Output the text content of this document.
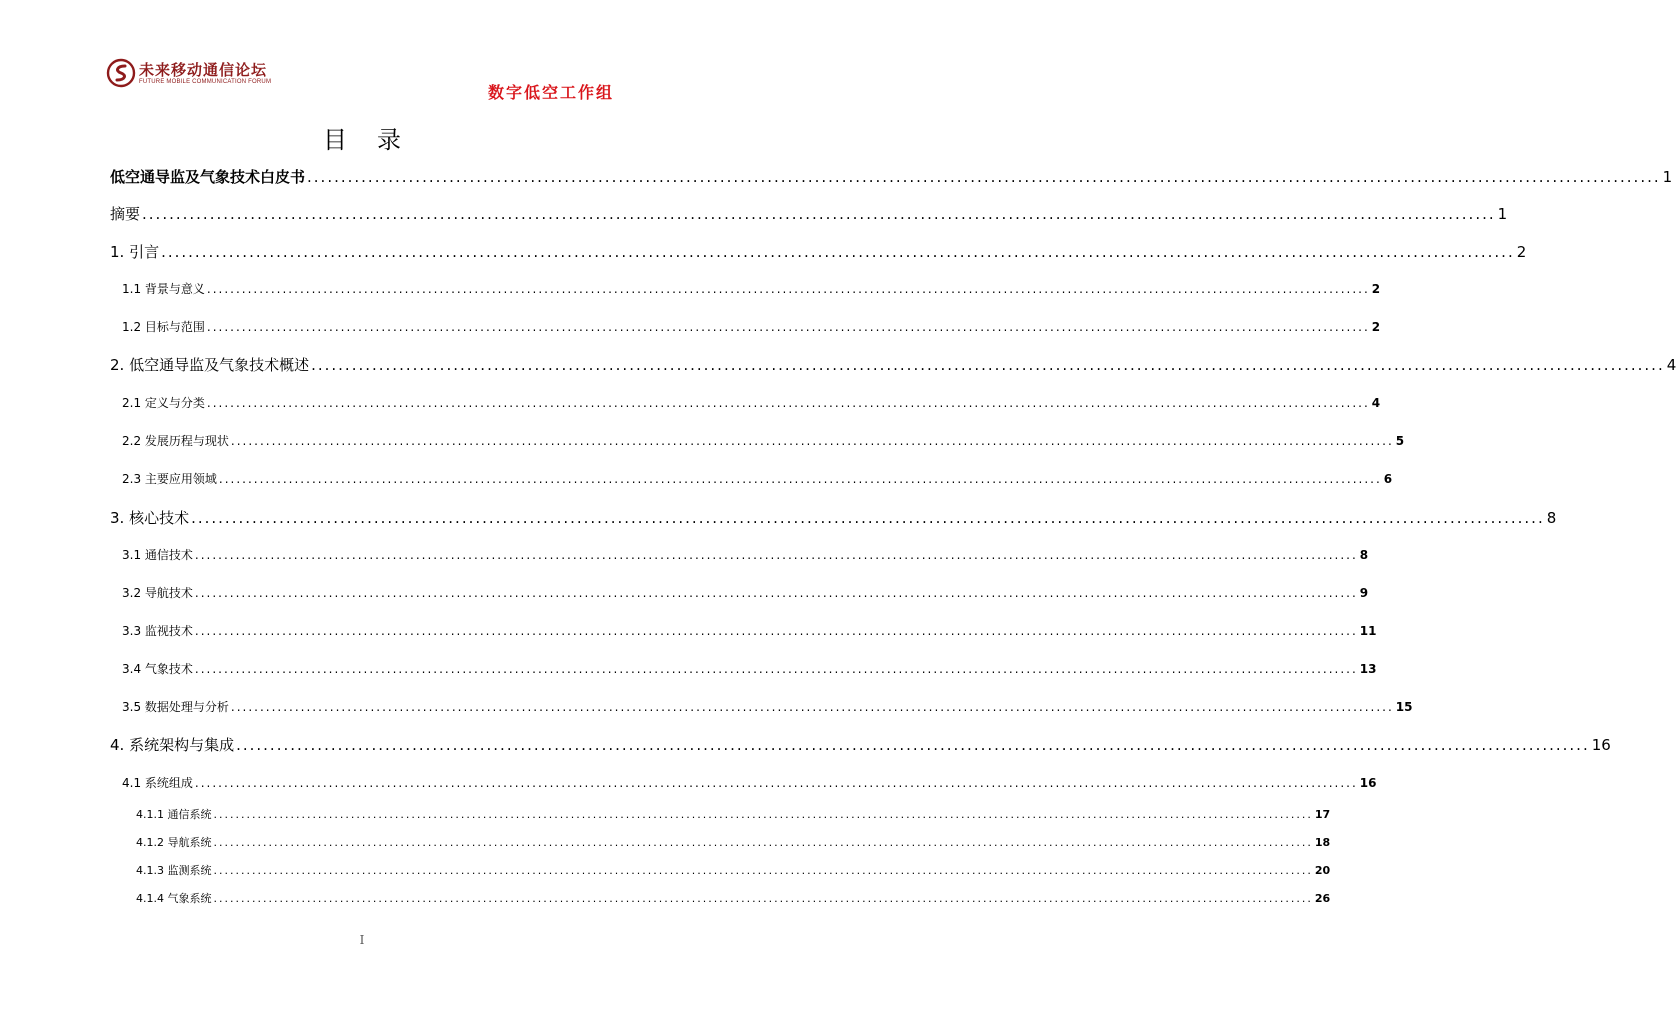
未来移动通信论坛
FUTURE MOBILE COMMUNICATION FORUM
数字低空工作组
目录
低空通导监及气象技术白皮书 ........................................................................................................................................................................................................ 1
摘要 ........................................................................................................................................................................................................ 1
1. 引言 ........................................................................................................................................................................................................ 2
1.1 背景与意义 ........................................................................................................................................................................................................ 2
1.2 目标与范围 ........................................................................................................................................................................................................ 2
2. 低空通导监及气象技术概述 ........................................................................................................................................................................................................ 4
2.1 定义与分类 ........................................................................................................................................................................................................ 4
2.2 发展历程与现状 ........................................................................................................................................................................................................ 5
2.3 主要应用领域 ........................................................................................................................................................................................................ 6
3. 核心技术 ........................................................................................................................................................................................................ 8
3.1 通信技术 ........................................................................................................................................................................................................ 8
3.2 导航技术 ........................................................................................................................................................................................................ 9
3.3 监视技术 ........................................................................................................................................................................................................ 11
3.4 气象技术 ........................................................................................................................................................................................................ 13
3.5 数据处理与分析 ........................................................................................................................................................................................................ 15
4. 系统架构与集成 ........................................................................................................................................................................................................ 16
4.1 系统组成 ........................................................................................................................................................................................................ 16
4.1.1 通信系统 ........................................................................................................................................................................................................ 17
4.1.2 导航系统 ........................................................................................................................................................................................................ 18
4.1.3 监测系统 ........................................................................................................................................................................................................ 20
4.1.4 气象系统 ........................................................................................................................................................................................................ 26
I
